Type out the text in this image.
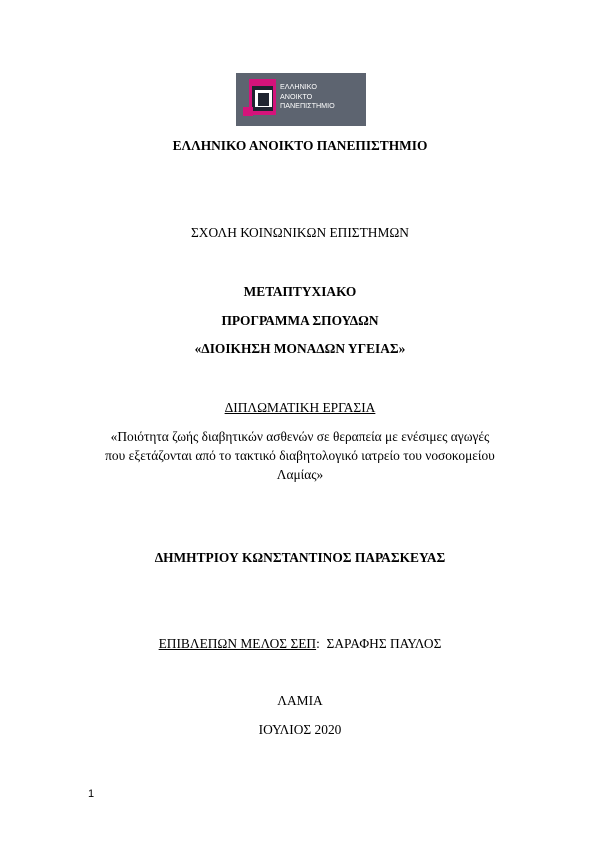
ΕΛΛΗΝΙΚΟ
ΑΝΟΙΚΤΟ
ΠΑΝΕΠΙΣΤΗΜΙΟ
ΕΛΛΗΝΙΚΟ ΑΝΟΙΚΤΟ ΠΑΝΕΠΙΣΤΗΜΙΟ
ΣΧΟΛΗ ΚΟΙΝΩΝΙΚΩΝ ΕΠΙΣΤΗΜΩΝ
ΜΕΤΑΠΤΥΧΙΑΚΟ
ΠΡΟΓΡΑΜΜΑ ΣΠΟΥΔΩΝ
«ΔΙΟΙΚΗΣΗ ΜΟΝΑΔΩΝ ΥΓΕΙΑΣ»
ΔΙΠΛΩΜΑΤΙΚΗ ΕΡΓΑΣΙΑ
«Ποιότητα ζωής διαβητικών ασθενών σε θεραπεία με ενέσιμες αγωγές
που εξετάζονται από το τακτικό διαβητολογικό ιατρείο του νοσοκομείου
Λαμίας»
ΔΗΜΗΤΡΙΟΥ ΚΩΝΣΤΑΝΤΙΝΟΣ ΠΑΡΑΣΚΕΥΑΣ
ΕΠΙΒΛΕΠΩΝ ΜΕΛΟΣ ΣΕΠ: ΣΑΡΑΦΗΣ ΠΑΥΛΟΣ
ΛΑΜΙΑ
ΙΟΥΛΙΟΣ 2020
1
